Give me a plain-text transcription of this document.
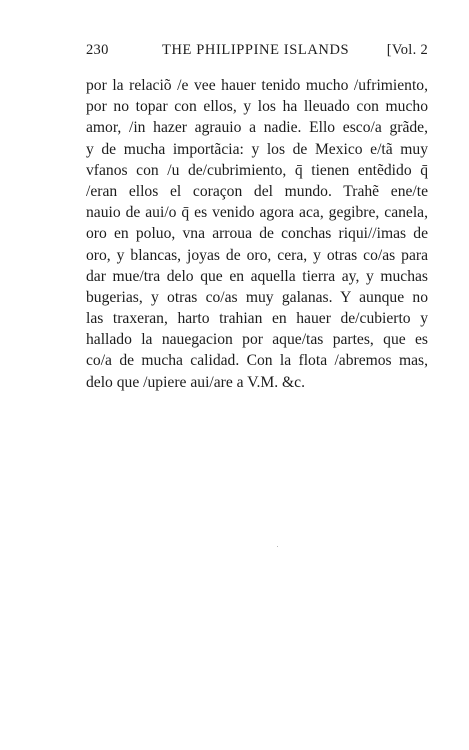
230	THE PHILIPPINE ISLANDS	[Vol. 2
por la relaciõ /e vee hauer tenido mucho /ufrimiento,
por no topar con ellos, y los ha lleuado con mucho
amor, /in hazer agrauio a nadie. Ello esco/a grãde,
y de mucha importãcia: y los de Mexico e/tã muy
vfanos con /u de/cubrimiento, q̄ tienen entẽdido q̄
/eran ellos el coraçon del mundo. Trahẽ ene/te
nauio de aui/o q̄ es venido agora aca, gegibre, canela,
oro en poluo, vna arroua de conchas riqui//imas de
oro, y blancas, joyas de oro, cera, y otras co/as para
dar mue/tra delo que en aquella tierra ay, y muchas
bugerias, y otras co/as muy galanas. Y aunque no
las traxeran, harto trahian en hauer de/cubierto y
hallado la nauegacion por aque/tas partes, que es
co/a de mucha calidad. Con la flota /abremos mas,
delo que /upiere aui/are a V.M. &c.
